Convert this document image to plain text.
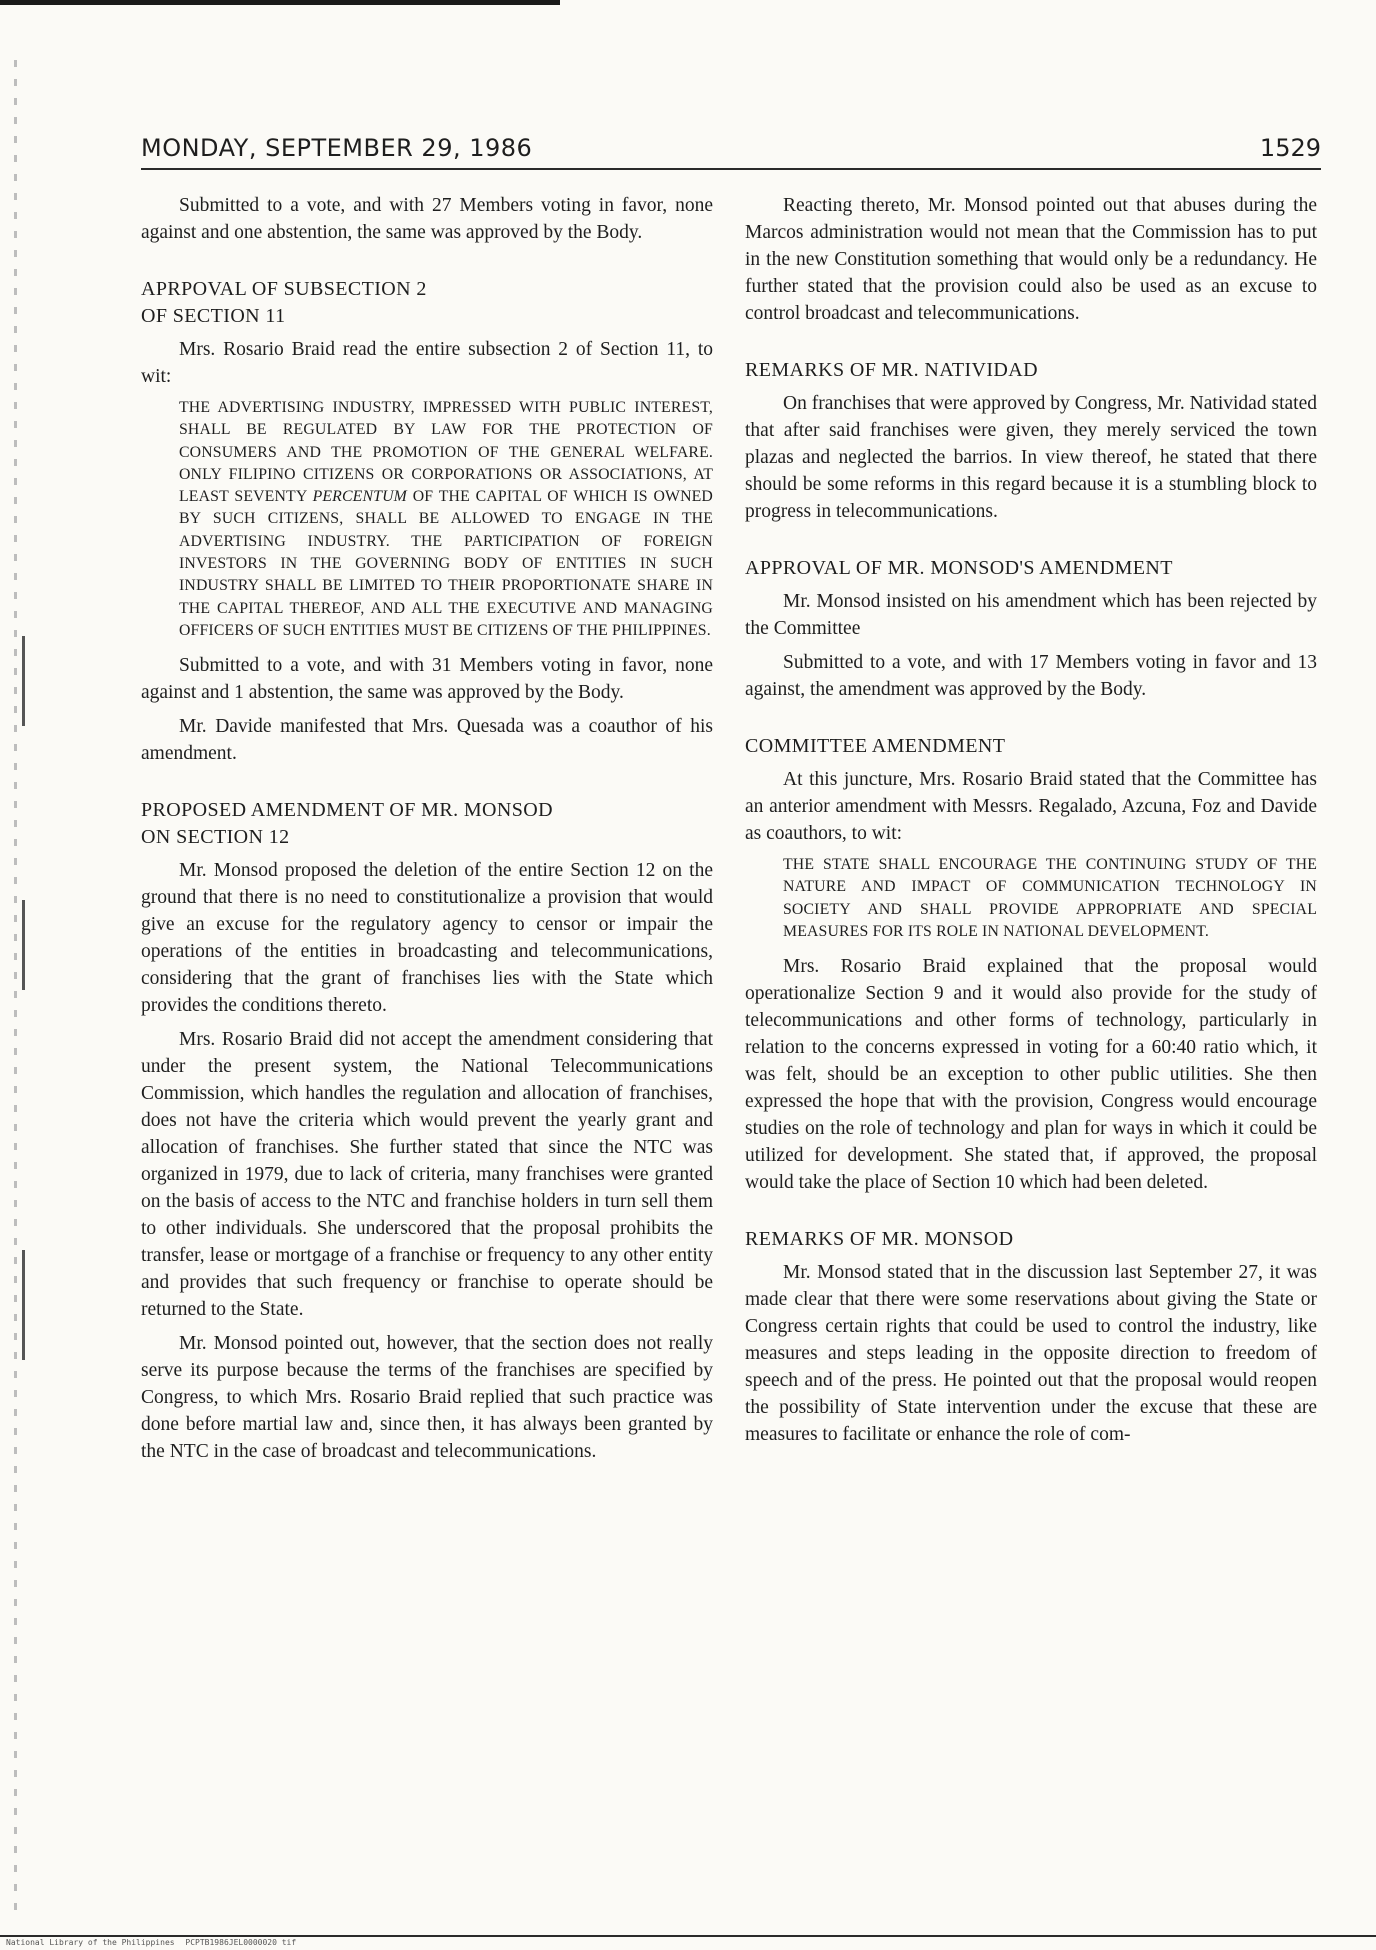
MONDAY, SEPTEMBER 29, 1986	1529

Submitted to a vote, and with 27 Members voting in favor, none against and one abstention, the same was approved by the Body.

APRPOVAL OF SUBSECTION 2
OF SECTION 11

Mrs. Rosario Braid read the entire subsection 2 of Section 11, to wit:

THE ADVERTISING INDUSTRY, IMPRESSED WITH PUBLIC INTEREST, SHALL BE REGULATED BY LAW FOR THE PROTECTION OF CONSUMERS AND THE PROMOTION OF THE GENERAL WELFARE. ONLY FILIPINO CITIZENS OR CORPORATIONS OR ASSOCIATIONS, AT LEAST SEVENTY PERCENTUM OF THE CAPITAL OF WHICH IS OWNED BY SUCH CITIZENS, SHALL BE ALLOWED TO ENGAGE IN THE ADVERTISING INDUSTRY. THE PARTICIPATION OF FOREIGN INVESTORS IN THE GOVERNING BODY OF ENTITIES IN SUCH INDUSTRY SHALL BE LIMITED TO THEIR PROPORTIONATE SHARE IN THE CAPITAL THEREOF, AND ALL THE EXECUTIVE AND MANAGING OFFICERS OF SUCH ENTITIES MUST BE CITIZENS OF THE PHILIPPINES.

Submitted to a vote, and with 31 Members voting in favor, none against and 1 abstention, the same was approved by the Body.

Mr. Davide manifested that Mrs. Quesada was a coauthor of his amendment.

PROPOSED AMENDMENT OF MR. MONSOD
ON SECTION 12

Mr. Monsod proposed the deletion of the entire Section 12 on the ground that there is no need to constitutionalize a provision that would give an excuse for the regulatory agency to censor or impair the operations of the entities in broadcasting and telecommunications, considering that the grant of franchises lies with the State which provides the conditions thereto.

Mrs. Rosario Braid did not accept the amendment considering that under the present system, the National Telecommunications Commission, which handles the regulation and allocation of franchises, does not have the criteria which would prevent the yearly grant and allocation of franchises. She further stated that since the NTC was organized in 1979, due to lack of criteria, many franchises were granted on the basis of access to the NTC and franchise holders in turn sell them to other individuals. She underscored that the proposal prohibits the transfer, lease or mortgage of a franchise or frequency to any other entity and provides that such frequency or franchise to operate should be returned to the State.

Mr. Monsod pointed out, however, that the section does not really serve its purpose because the terms of the franchises are specified by Congress, to which Mrs. Rosario Braid replied that such practice was done before martial law and, since then, it has always been granted by the NTC in the case of broadcast and telecommunications.

Reacting thereto, Mr. Monsod pointed out that abuses during the Marcos administration would not mean that the Commission has to put in the new Constitution something that would only be a redundancy. He further stated that the provision could also be used as an excuse to control broadcast and telecommunications.

REMARKS OF MR. NATIVIDAD

On franchises that were approved by Congress, Mr. Natividad stated that after said franchises were given, they merely serviced the town plazas and neglected the barrios. In view thereof, he stated that there should be some reforms in this regard because it is a stumbling block to progress in telecommunications.

APPROVAL OF MR. MONSOD'S AMENDMENT

Mr. Monsod insisted on his amendment which has been rejected by the Committee

Submitted to a vote, and with 17 Members voting in favor and 13 against, the amendment was approved by the Body.

COMMITTEE AMENDMENT

At this juncture, Mrs. Rosario Braid stated that the Committee has an anterior amendment with Messrs. Regalado, Azcuna, Foz and Davide as coauthors, to wit:

THE STATE SHALL ENCOURAGE THE CONTINUING STUDY OF THE NATURE AND IMPACT OF COMMUNICATION TECHNOLOGY IN SOCIETY AND SHALL PROVIDE APPROPRIATE AND SPECIAL MEASURES FOR ITS ROLE IN NATIONAL DEVELOPMENT.

Mrs. Rosario Braid explained that the proposal would operationalize Section 9 and it would also provide for the study of telecommunications and other forms of technology, particularly in relation to the concerns expressed in voting for a 60:40 ratio which, it was felt, should be an exception to other public utilities. She then expressed the hope that with the provision, Congress would encourage studies on the role of technology and plan for ways in which it could be utilized for development. She stated that, if approved, the proposal would take the place of Section 10 which had been deleted.

REMARKS OF MR. MONSOD

Mr. Monsod stated that in the discussion last September 27, it was made clear that there were some reservations about giving the State or Congress certain rights that could be used to control the industry, like measures and steps leading in the opposite direction to freedom of speech and of the press. He pointed out that the proposal would reopen the possibility of State intervention under the excuse that these are measures to facilitate or enhance the role of com-

National Library of the Philippines PCPTB1986JEL0000020 tif
